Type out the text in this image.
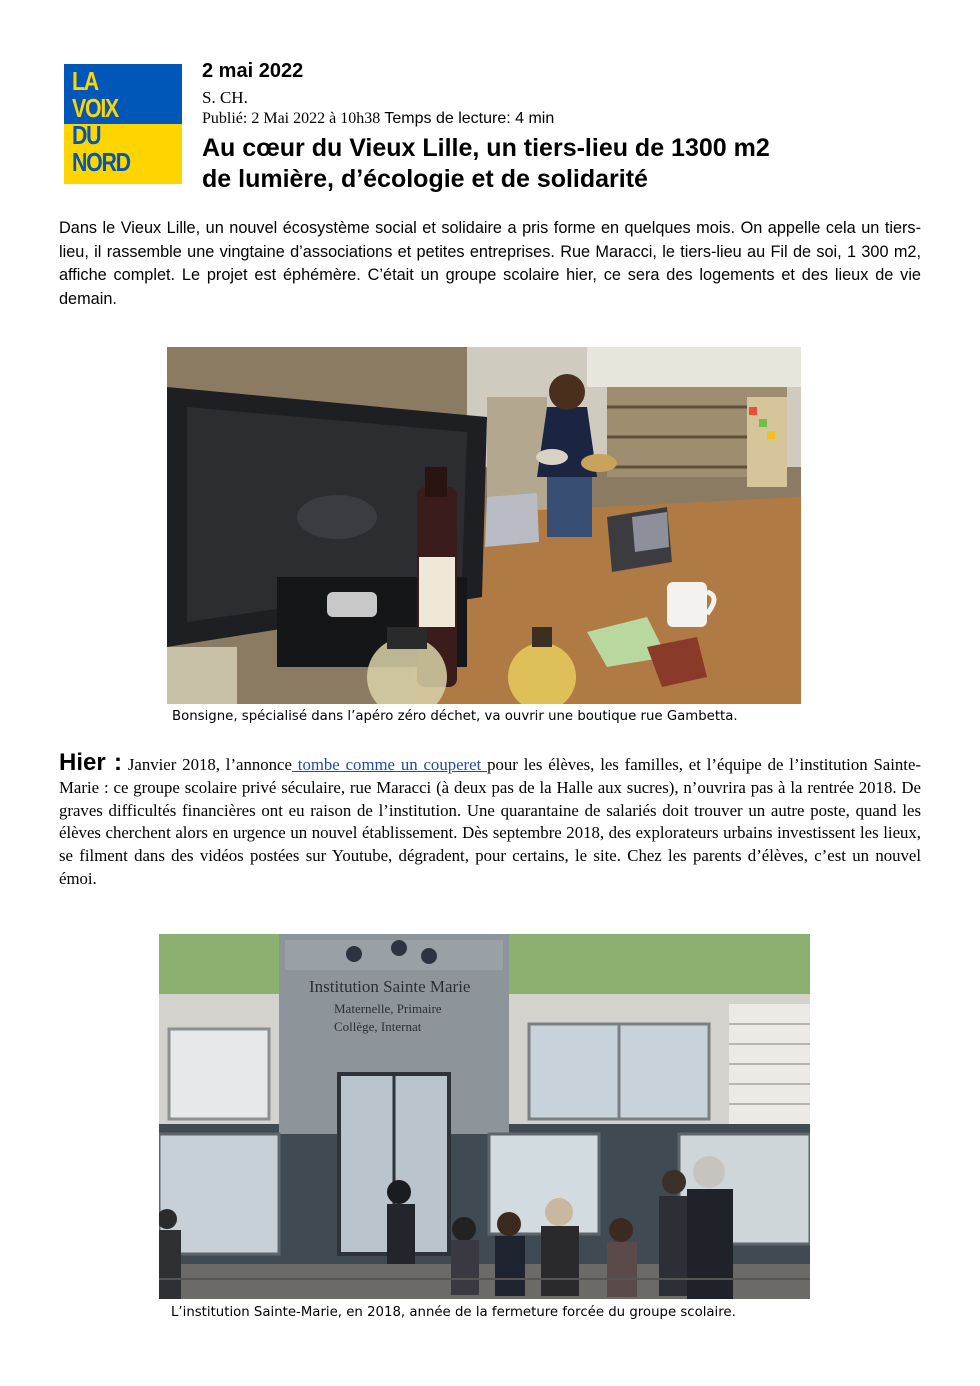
LA
VOIX
DU
NORD
2 mai 2022
S. CH.
Publié: 2 Mai 2022 à 10h38 Temps de lecture: 4 min
Au cœur du Vieux Lille, un tiers-lieu de 1300 m2
de lumière, d’écologie et de solidarité

Dans le Vieux Lille, un nouvel écosystème social et solidaire a pris forme en quelques mois. On appelle cela un tiers-lieu, il rassemble une vingtaine d’associations et petites entreprises. Rue Maracci, le tiers-lieu au Fil de soi, 1 300 m2, affiche complet. Le projet est éphémère. C’était un groupe scolaire hier, ce sera des logements et des lieux de vie demain.

Bonsigne, spécialisé dans l’apéro zéro déchet, va ouvrir une boutique rue Gambetta.

Hier : Janvier 2018, l’annonce tombe comme un couperet pour les élèves, les familles, et l’équipe de l’institution Sainte-Marie : ce groupe scolaire privé séculaire, rue Maracci (à deux pas de la Halle aux sucres), n’ouvrira pas à la rentrée 2018. De graves difficultés financières ont eu raison de l’institution. Une quarantaine de salariés doit trouver un autre poste, quand les élèves cherchent alors en urgence un nouvel établissement. Dès septembre 2018, des explorateurs urbains investissent les lieux, se filment dans des vidéos postées sur Youtube, dégradent, pour certains, le site. Chez les parents d’élèves, c’est un nouvel émoi.

Institution Sainte Marie
Maternelle, Primaire
Collège, Internat
L’institution Sainte-Marie, en 2018, année de la fermeture forcée du groupe scolaire.
